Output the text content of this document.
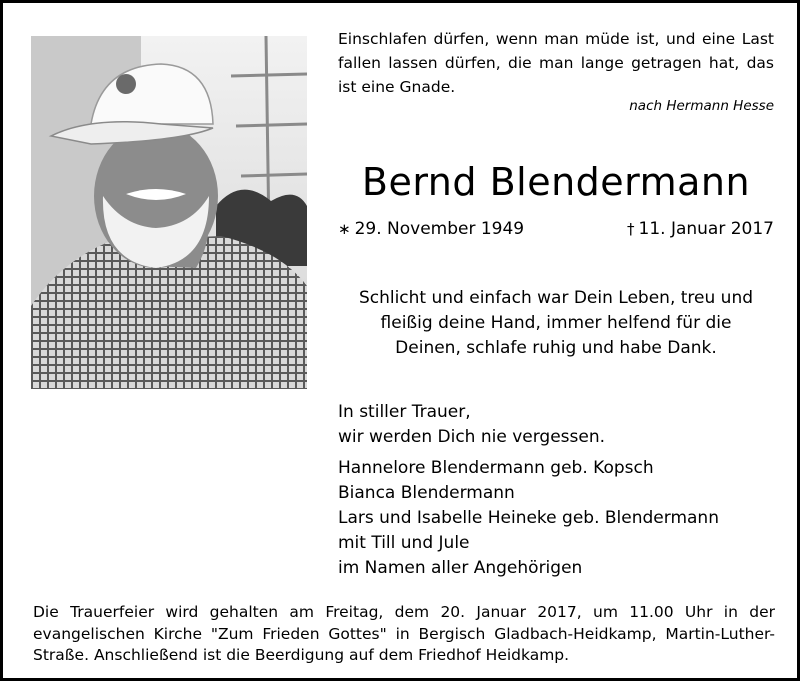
Einschlafen dürfen, wenn man müde ist, und eine Last fallen lassen dürfen, die man lange getragen hat, das ist eine Gnade.

nach Hermann Hesse

Bernd Blendermann
∗ 29. November 1949	† 11. Januar 2017

Schlicht und einfach war Dein Leben, treu und
fleißig deine Hand, immer helfend für die
Deinen, schlafe ruhig und habe Dank.

In stiller Trauer,
wir werden Dich nie vergessen.

Hannelore Blendermann geb. Kopsch
Bianca Blendermann
Lars und Isabelle Heineke geb. Blendermann
mit Till und Jule
im Namen aller Angehörigen

Die Trauerfeier wird gehalten am Freitag, dem 20. Januar 2017, um 11.00 Uhr in der evangelischen Kirche "Zum Frieden Gottes" in Bergisch Gladbach-Heidkamp, Martin-Luther-Straße. Anschließend ist die Beerdigung auf dem Friedhof Heidkamp.
